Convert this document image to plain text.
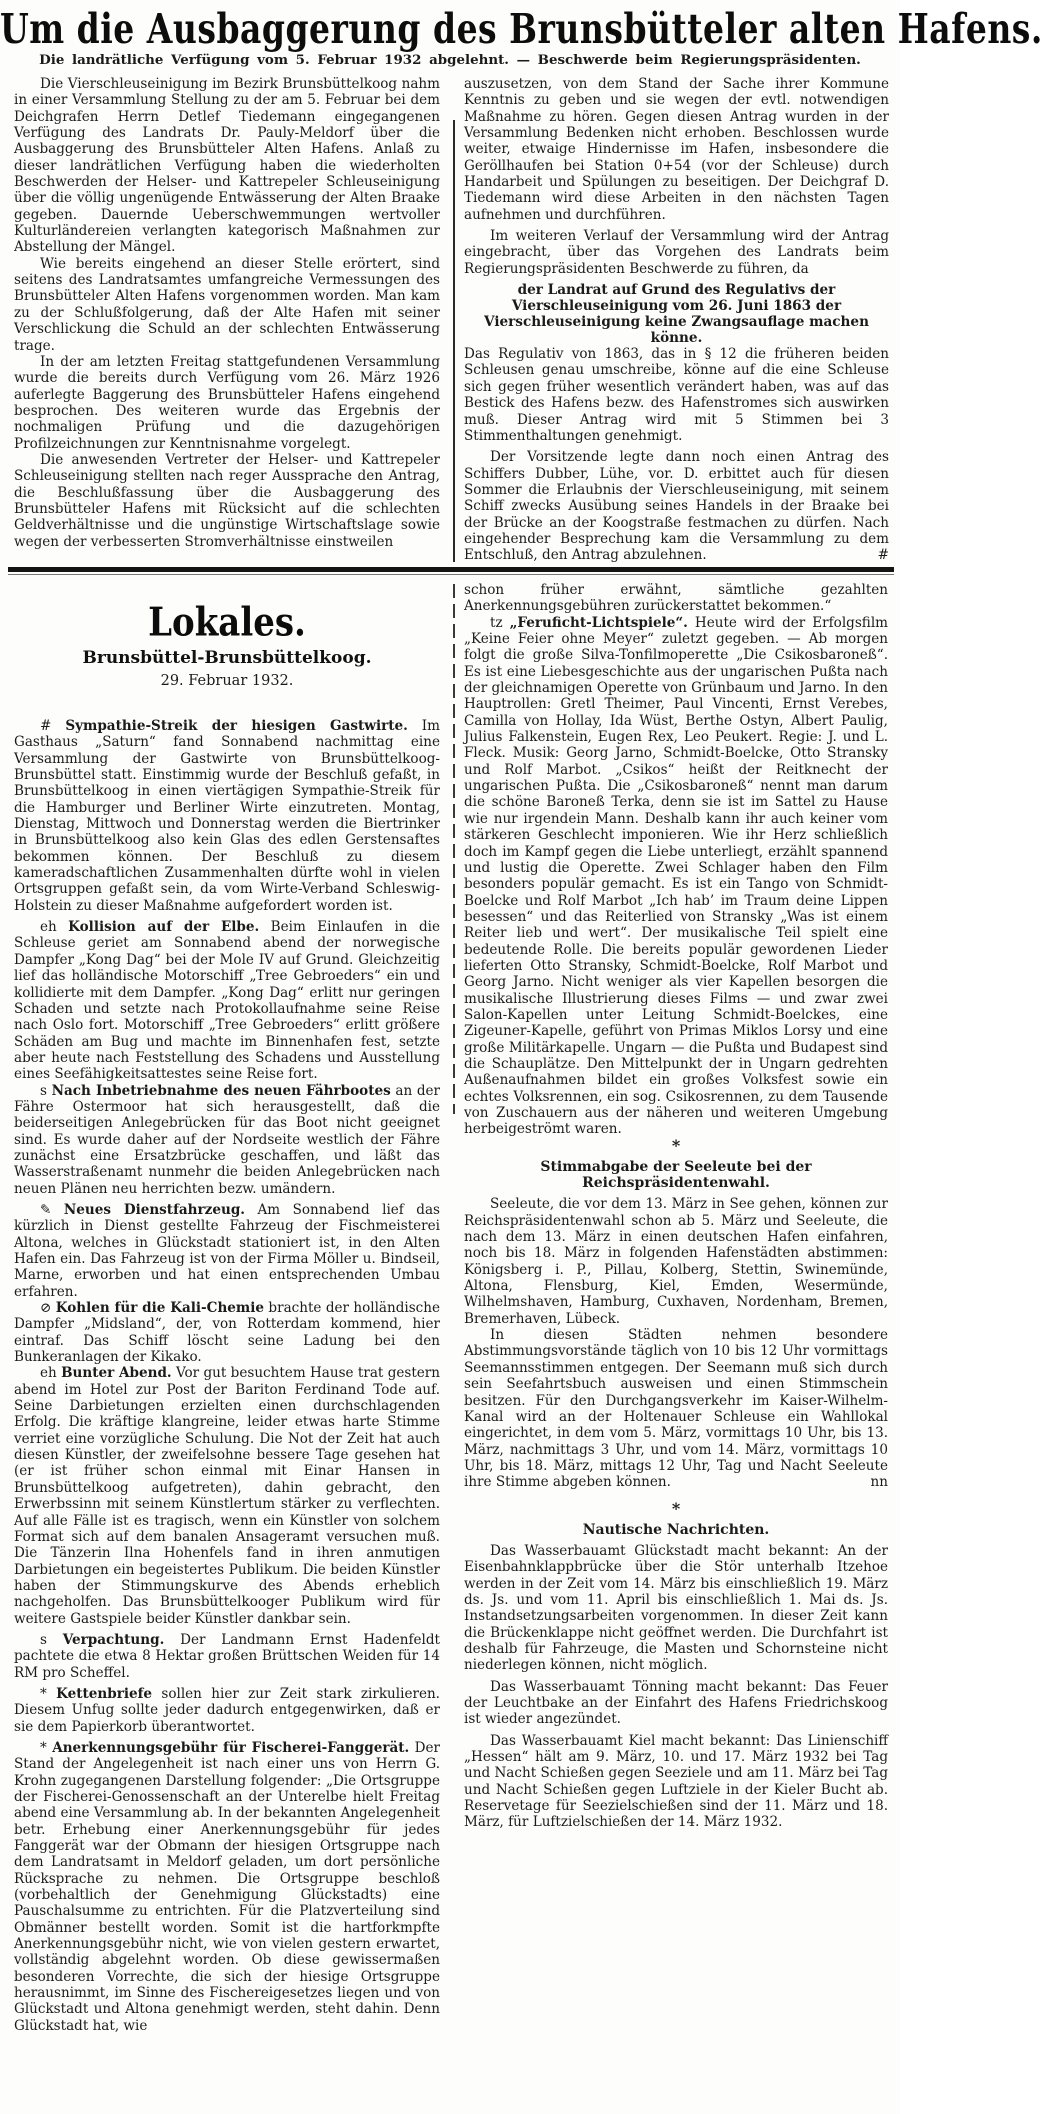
Um die Ausbaggerung des Brunsbütteler alten Hafens.
Die landrätliche Verfügung vom 5. Februar 1932 abgelehnt. — Beschwerde beim Regierungspräsidenten.

Die Vierschleuseinigung im Bezirk Brunsbüttelkoog nahm in einer Versammlung Stellung zu der am 5. Februar bei dem Deichgrafen Herrn Detlef Tiedemann eingegangenen Verfügung des Landrats Dr. Pauly-Meldorf über die Ausbaggerung des Brunsbütteler Alten Hafens. Anlaß zu dieser landrätlichen Verfügung haben die wiederholten Beschwerden der Helser- und Kattrepeler Schleuseinigung über die völlig ungenügende Entwässerung der Alten Braake gegeben. Dauernde Ueberschwemmungen wertvoller Kulturländereien verlangten kategorisch Maßnahmen zur Abstellung der Mängel.

Wie bereits eingehend an dieser Stelle erörtert, sind seitens des Landratsamtes umfangreiche Vermessungen des Brunsbütteler Alten Hafens vorgenommen worden. Man kam zu der Schlußfolgerung, daß der Alte Hafen mit seiner Verschlickung die Schuld an der schlechten Entwässerung trage.

In der am letzten Freitag stattgefundenen Versammlung wurde die bereits durch Verfügung vom 26. März 1926 auferlegte Baggerung des Brunsbütteler Hafens eingehend besprochen. Des weiteren wurde das Ergebnis der nochmaligen Prüfung und die dazugehörigen Profilzeichnungen zur Kenntnisnahme vorgelegt.

Die anwesenden Vertreter der Helser- und Kattrepeler Schleuseinigung stellten nach reger Aussprache den Antrag, die Beschlußfassung über die Ausbaggerung des Brunsbütteler Hafens mit Rücksicht auf die schlechten Geldverhältnisse und die ungünstige Wirtschaftslage sowie wegen der verbesserten Stromverhältnisse einstweilen

auszusetzen, von dem Stand der Sache ihrer Kommune Kenntnis zu geben und sie wegen der evtl. notwendigen Maßnahme zu hören. Gegen diesen Antrag wurden in der Versammlung Bedenken nicht erhoben. Beschlossen wurde weiter, etwaige Hindernisse im Hafen, insbesondere die Geröllhaufen bei Station 0+54 (vor der Schleuse) durch Handarbeit und Spülungen zu beseitigen. Der Deichgraf D. Tiedemann wird diese Arbeiten in den nächsten Tagen aufnehmen und durchführen.

Im weiteren Verlauf der Versammlung wird der Antrag eingebracht, über das Vorgehen des Landrats beim Regierungspräsidenten Beschwerde zu führen, da

der Landrat auf Grund des Regulativs der Vierschleuseinigung vom 26. Juni 1863 der Vierschleuseinigung keine Zwangsauflage machen könne.

Das Regulativ von 1863, das in § 12 die früheren beiden Schleusen genau umschreibe, könne auf die eine Schleuse sich gegen früher wesentlich verändert haben, was auf das Bestick des Hafens bezw. des Hafenstromes sich auswirken muß. Dieser Antrag wird mit 5 Stimmen bei 3 Stimmenthaltungen genehmigt.

Der Vorsitzende legte dann noch einen Antrag des Schiffers Dubber, Lühe, vor. D. erbittet auch für diesen Sommer die Erlaubnis der Vierschleuseinigung, mit seinem Schiff zwecks Ausübung seines Handels in der Braake bei der Brücke an der Koogstraße festmachen zu dürfen. Nach eingehender Besprechung kam die Versammlung zu dem Entschluß, den Antrag abzulehnen.	#

Lokales.
Brunsbüttel-Brunsbüttelkoog.
29. Februar 1932.

# Sympathie-Streik der hiesigen Gastwirte. Im Gasthaus „Saturn“ fand Sonnabend nachmittag eine Versammlung der Gastwirte von Brunsbüttelkoog-Brunsbüttel statt. Einstimmig wurde der Beschluß gefaßt, in Brunsbüttelkoog in einen viertägigen Sympathie-Streik für die Hamburger und Berliner Wirte einzutreten. Montag, Dienstag, Mittwoch und Donnerstag werden die Biertrinker in Brunsbüttelkoog also kein Glas des edlen Gerstensaftes bekommen können. Der Beschluß zu diesem kameradschaftlichen Zusammenhalten dürfte wohl in vielen Ortsgruppen gefaßt sein, da vom Wirte-Verband Schleswig-Holstein zu dieser Maßnahme aufgefordert worden ist.

eh Kollision auf der Elbe. Beim Einlaufen in die Schleuse geriet am Sonnabend abend der norwegische Dampfer „Kong Dag“ bei der Mole IV auf Grund. Gleichzeitig lief das holländische Motorschiff „Tree Gebroeders“ ein und kollidierte mit dem Dampfer. „Kong Dag“ erlitt nur geringen Schaden und setzte nach Protokollaufnahme seine Reise nach Oslo fort. Motorschiff „Tree Gebroeders“ erlitt größere Schäden am Bug und machte im Binnenhafen fest, setzte aber heute nach Feststellung des Schadens und Ausstellung eines Seefähigkeitsattestes seine Reise fort.

s Nach Inbetriebnahme des neuen Fährbootes an der Fähre Ostermoor hat sich herausgestellt, daß die beiderseitigen Anlegebrücken für das Boot nicht geeignet sind. Es wurde daher auf der Nordseite westlich der Fähre zunächst eine Ersatzbrücke geschaffen, und läßt das Wasserstraßenamt nunmehr die beiden Anlegebrücken nach neuen Plänen neu herrichten bezw. umändern.

✎ Neues Dienstfahrzeug. Am Sonnabend lief das kürzlich in Dienst gestellte Fahrzeug der Fischmeisterei Altona, welches in Glückstadt stationiert ist, in den Alten Hafen ein. Das Fahrzeug ist von der Firma Möller u. Bindseil, Marne, erworben und hat einen entsprechenden Umbau erfahren.

⊘ Kohlen für die Kali-Chemie brachte der holländische Dampfer „Midsland“, der, von Rotterdam kommend, hier eintraf. Das Schiff löscht seine Ladung bei den Bunkeranlagen der Kikako.

eh Bunter Abend. Vor gut besuchtem Hause trat gestern abend im Hotel zur Post der Bariton Ferdinand Tode auf. Seine Darbietungen erzielten einen durchschlagenden Erfolg. Die kräftige klangreine, leider etwas harte Stimme verriet eine vorzügliche Schulung. Die Not der Zeit hat auch diesen Künstler, der zweifelsohne bessere Tage gesehen hat (er ist früher schon einmal mit Einar Hansen in Brunsbüttelkoog aufgetreten), dahin gebracht, den Erwerbssinn mit seinem Künstlertum stärker zu verflechten. Auf alle Fälle ist es tragisch, wenn ein Künstler von solchem Format sich auf dem banalen Ansageramt versuchen muß. Die Tänzerin Ilna Hohenfels fand in ihren anmutigen Darbietungen ein begeistertes Publikum. Die beiden Künstler haben der Stimmungskurve des Abends erheblich nachgeholfen. Das Brunsbüttelkooger Publikum wird für weitere Gastspiele beider Künstler dankbar sein.

s Verpachtung. Der Landmann Ernst Hadenfeldt pachtete die etwa 8 Hektar großen Brüttschen Weiden für 14 RM pro Scheffel.

* Kettenbriefe sollen hier zur Zeit stark zirkulieren. Diesem Unfug sollte jeder dadurch entgegenwirken, daß er sie dem Papierkorb überantwortet.

* Anerkennungsgebühr für Fischerei-Fanggerät. Der Stand der Angelegenheit ist nach einer uns von Herrn G. Krohn zugegangenen Darstellung folgender: „Die Ortsgruppe der Fischerei-Genossenschaft an der Unterelbe hielt Freitag abend eine Versammlung ab. In der bekannten Angelegenheit betr. Erhebung einer Anerkennungsgebühr für jedes Fanggerät war der Obmann der hiesigen Ortsgruppe nach dem Landratsamt in Meldorf geladen, um dort persönliche Rücksprache zu nehmen. Die Ortsgruppe beschloß (vorbehaltlich der Genehmigung Glückstadts) eine Pauschalsumme zu entrichten. Für die Platzverteilung sind Obmänner bestellt worden. Somit ist die hartforkmpfte Anerkennungsgebühr nicht, wie von vielen gestern erwartet, vollständig abgelehnt worden. Ob diese gewissermaßen besonderen Vorrechte, die sich der hiesige Ortsgruppe herausnimmt, im Sinne des Fischereigesetzes liegen und von Glückstadt und Altona genehmigt werden, steht dahin. Denn Glückstadt hat, wie

schon früher erwähnt, sämtliche gezahlten Anerkennungsgebühren zurückerstattet bekommen.“

tz „Feruficht-Lichtspiele“. Heute wird der Erfolgsfilm „Keine Feier ohne Meyer“ zuletzt gegeben. — Ab morgen folgt die große Silva-Tonfilmoperette „Die Csikosbaroneß“. Es ist eine Liebesgeschichte aus der ungarischen Pußta nach der gleichnamigen Operette von Grünbaum und Jarno. In den Hauptrollen: Gretl Theimer, Paul Vincenti, Ernst Verebes, Camilla von Hollay, Ida Wüst, Berthe Ostyn, Albert Paulig, Julius Falkenstein, Eugen Rex, Leo Peukert. Regie: J. und L. Fleck. Musik: Georg Jarno, Schmidt-Boelcke, Otto Stransky und Rolf Marbot. „Csikos“ heißt der Reitknecht der ungarischen Pußta. Die „Csikosbaroneß“ nennt man darum die schöne Baroneß Terka, denn sie ist im Sattel zu Hause wie nur irgendein Mann. Deshalb kann ihr auch keiner vom stärkeren Geschlecht imponieren. Wie ihr Herz schließlich doch im Kampf gegen die Liebe unterliegt, erzählt spannend und lustig die Operette. Zwei Schlager haben den Film besonders populär gemacht. Es ist ein Tango von Schmidt-Boelcke und Rolf Marbot „Ich hab’ im Traum deine Lippen besessen“ und das Reiterlied von Stransky „Was ist einem Reiter lieb und wert“. Der musikalische Teil spielt eine bedeutende Rolle. Die bereits populär gewordenen Lieder lieferten Otto Stransky, Schmidt-Boelcke, Rolf Marbot und Georg Jarno. Nicht weniger als vier Kapellen besorgen die musikalische Illustrierung dieses Films — und zwar zwei Salon-Kapellen unter Leitung Schmidt-Boelckes, eine Zigeuner-Kapelle, geführt von Primas Miklos Lorsy und eine große Militärkapelle. Ungarn — die Pußta und Budapest sind die Schauplätze. Den Mittelpunkt der in Ungarn gedrehten Außenaufnahmen bildet ein großes Volksfest sowie ein echtes Volksrennen, ein sog. Csikosrennen, zu dem Tausende von Zuschauern aus der näheren und weiteren Umgebung herbeigeströmt waren.

*

Stimmabgabe der Seeleute bei der Reichspräsidentenwahl.

Seeleute, die vor dem 13. März in See gehen, können zur Reichspräsidentenwahl schon ab 5. März und Seeleute, die nach dem 13. März in einen deutschen Hafen einfahren, noch bis 18. März in folgenden Hafenstädten abstimmen: Königsberg i. P., Pillau, Kolberg, Stettin, Swinemünde, Altona, Flensburg, Kiel, Emden, Wesermünde, Wilhelmshaven, Hamburg, Cuxhaven, Nordenham, Bremen, Bremerhaven, Lübeck.

In diesen Städten nehmen besondere Abstimmungsvorstände täglich von 10 bis 12 Uhr vormittags Seemannsstimmen entgegen. Der Seemann muß sich durch sein Seefahrtsbuch ausweisen und einen Stimmschein besitzen. Für den Durchgangsverkehr im Kaiser-Wilhelm-Kanal wird an der Holtenauer Schleuse ein Wahllokal eingerichtet, in dem vom 5. März, vormittags 10 Uhr, bis 13. März, nachmittags 3 Uhr, und vom 14. März, vormittags 10 Uhr, bis 18. März, mittags 12 Uhr, Tag und Nacht Seeleute ihre Stimme abgeben können.	nn

*

Nautische Nachrichten.

Das Wasserbauamt Glückstadt macht bekannt: An der Eisenbahnklappbrücke über die Stör unterhalb Itzehoe werden in der Zeit vom 14. März bis einschließlich 19. März ds. Js. und vom 11. April bis einschließlich 1. Mai ds. Js. Instandsetzungsarbeiten vorgenommen. In dieser Zeit kann die Brückenklappe nicht geöffnet werden. Die Durchfahrt ist deshalb für Fahrzeuge, die Masten und Schornsteine nicht niederlegen können, nicht möglich.

Das Wasserbauamt Tönning macht bekannt: Das Feuer der Leuchtbake an der Einfahrt des Hafens Friedrichskoog ist wieder angezündet.

Das Wasserbauamt Kiel macht bekannt: Das Linienschiff „Hessen“ hält am 9. März, 10. und 17. März 1932 bei Tag und Nacht Schießen gegen Seeziele und am 11. März bei Tag und Nacht Schießen gegen Luftziele in der Kieler Bucht ab. Reservetage für Seezielschießen sind der 11. März und 18. März, für Luftzielschießen der 14. März 1932.
